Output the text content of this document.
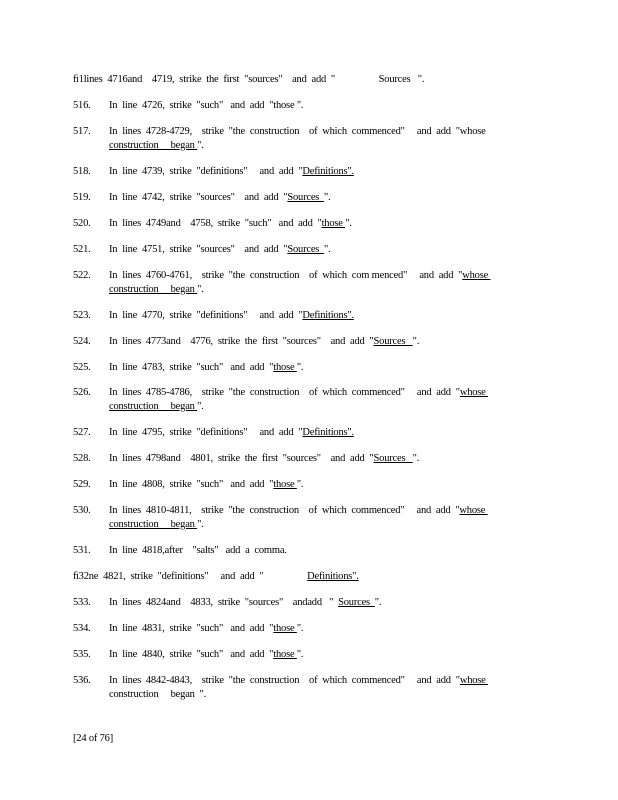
ﬁ1lines  4716and    4719,  strike  the  first  "sources"    and  add  "                  Sources   ".
516.	In  line  4726,  strike  "such"   and  add  "those ".
517.	In  lines  4728-4729,    strike  "the  construction    of  which  commenced"     and  add  "whose
construction     began ".
518.	In  line  4739,  strike  "definitions"     and  add  "Definitions".
519.	In  line  4742,  strike  "sources"    and  add  "Sources  ".
520.	In  lines  4749and    4758,  strike  "such"   and  add  "those ".
521.	In  line  4751,  strike  "sources"    and  add  "Sources  ".
522.	In  lines  4760-4761,    strike  "the  construction    of  which  com menced"     and  add  "whose
construction     began ".
523.	In  line  4770,  strike  "definitions"     and  add  "Definitions".
524.	In  lines  4773and    4776,  strike  the  first  "sources"    and  add  "Sources   ".
525.	In  line  4783,  strike  "such"   and  add  "those ".
526.	In  lines  4785-4786,    strike  "the  construction    of  which  commenced"     and  add  "whose
construction     began ".
527.	In  line  4795,  strike  "definitions"     and  add  "Definitions".
528.	In  lines  4798and    4801,  strike  the  first  "sources"    and  add  "Sources   ".
529.	In  line  4808,  strike  "such"   and  add  "those ".
530.	In  lines  4810-4811,    strike  "the  construction    of  which  commenced"     and  add  "whose
construction     began ".
531.	In  line  4818,after    "salts"   add  a  comma.
ﬁ32ne  4821,  strike  "definitions"     and  add  "                  Definitions".
533.	In  lines  4824and    4833,  strike  "sources"    andadd   "  Sources  ".
534.	In  line  4831,  strike  "such"   and  add  "those ".
535.	In  line  4840,  strike  "such"   and  add  "those ".
536.	In  lines  4842-4843,    strike  "the  construction    of  which  commenced"     and  add  "whose
construction     began  ".
[24 of 76]
